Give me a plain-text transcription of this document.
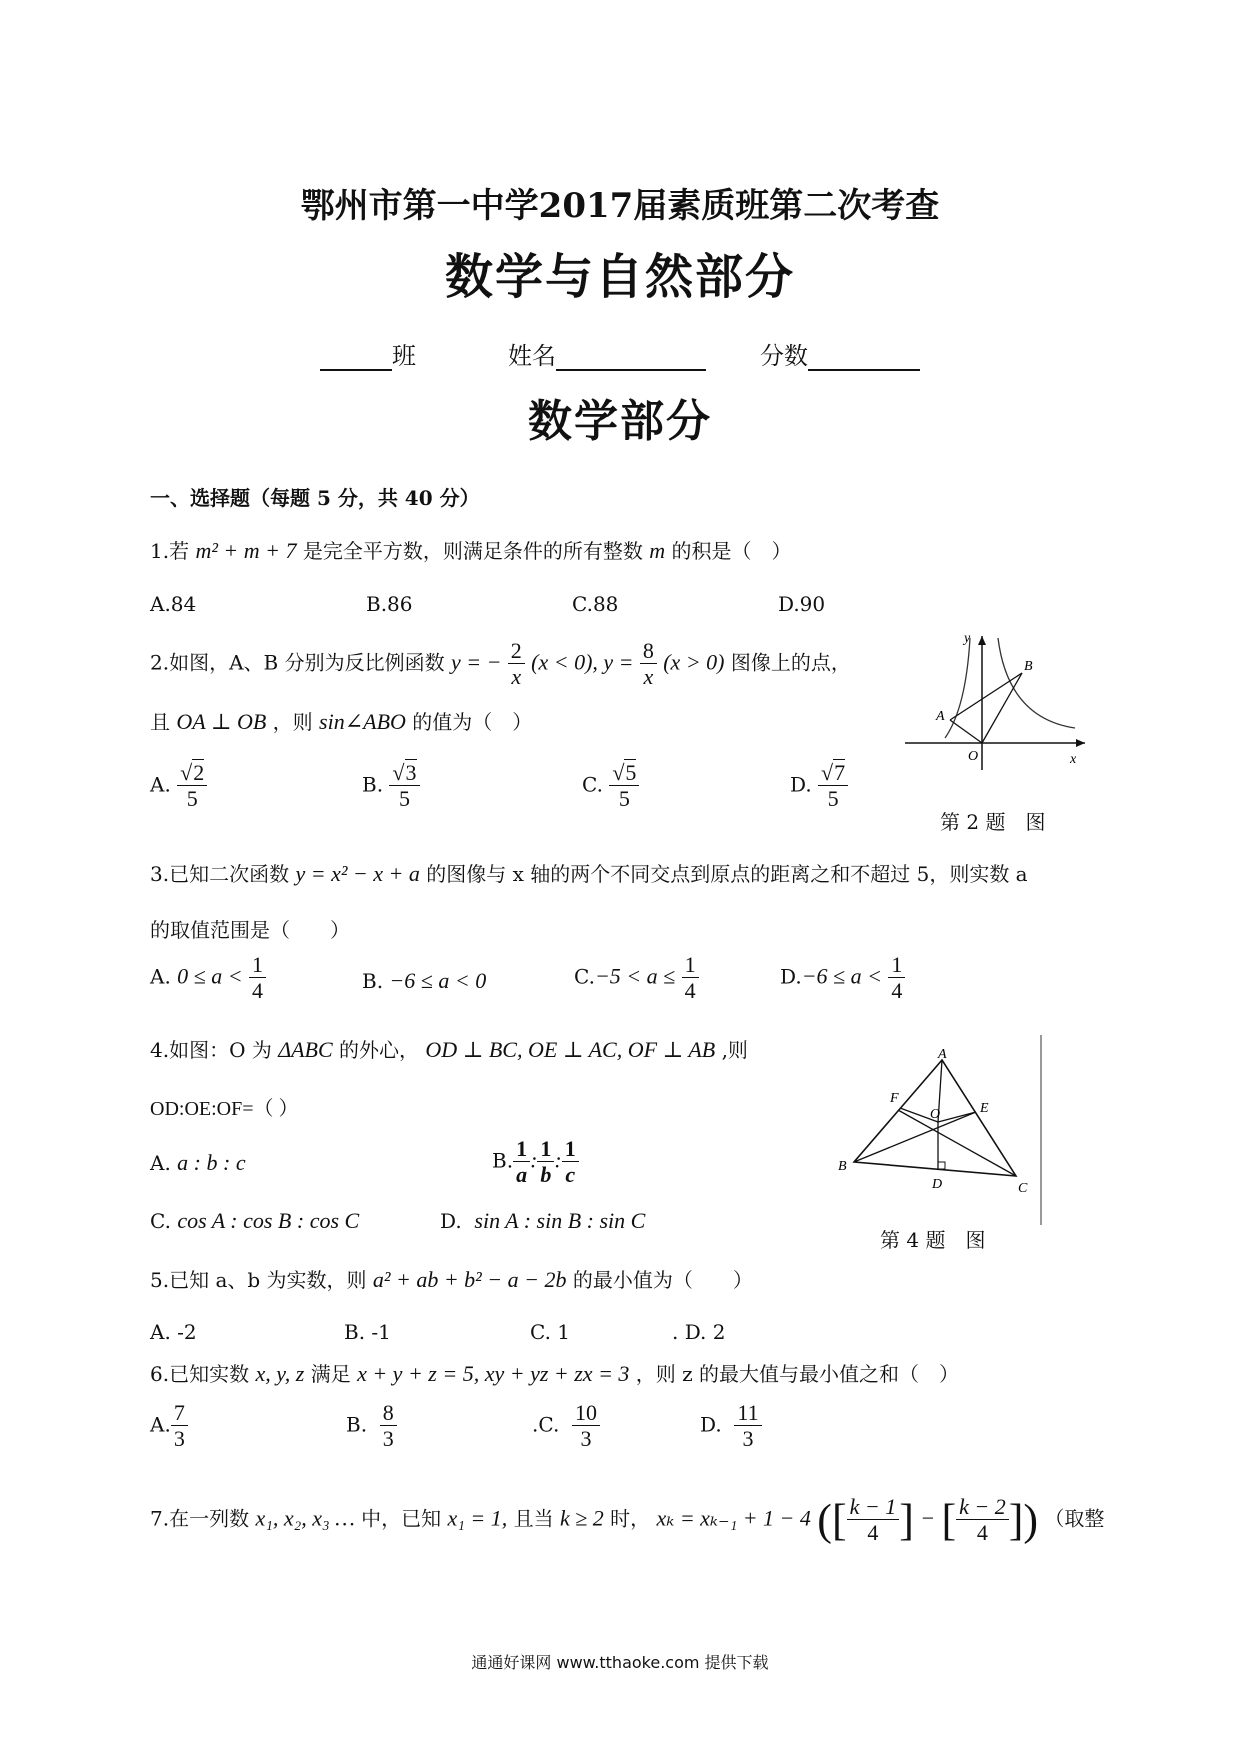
鄂州市第一中学2017届素质班第二次考查
数学与自然部分
班	姓名	分数
数学部分
一、选择题（每题 5 分，共 40 分）
1.若 m² + m + 7 是完全平方数，则满足条件的所有整数 m 的积是（　）
A.84	B.86	C.88	D.90
2.如图，A、B 分别为反比例函数 y = − $\frac{2}{x} (x < 0)$, $y = \frac{8}{x} (x > 0)$ 图像上的点，
且 OA ⊥ OB ，则 sin∠ABO 的值为（　）
A. $\frac{√2}{5}$	B. $\frac{√3}{5}$	C. $\frac{√5}{5}$	D. $\frac{√7}{5}$
y
x
O
A
B
第 2 题　图
3.已知二次函数 y = x² − x + a 的图像与 x 轴的两个不同交点到原点的距离之和不超过 5，则实数 a
的取值范围是（　　）
A. $0 \le a < \frac{1}{4}$	B. −6 ≤ a < 0	$C.-5 < a \le \frac{1}{4}$	$D.-6 \le a < \frac{1}{4}$
4.如图：O 为 ΔABC 的外心， OD ⊥ BC, OE ⊥ AC, OF ⊥ AB ,则
OD:OE:OF=（ ）
A. a : b : c	B. $\frac{1}{a}$ : $\frac{1}{b}$ : $\frac{1}{c}$
C. cos A : cos B : cos C	D. sin A : sin B : sin C
A
B
C
D
E
F
O
第 4 题　图
5.已知 a、b 为实数，则 a² + ab + b² − a − 2b 的最小值为（　　）
A. -2	B. -1	C. 1	. D. 2
6.已知实数 x, y, z 满足 x + y + z = 5, xy + yz + zx = 3 ，则 z 的最大值与最小值之和（　）
A. $\frac{7}{3}$	B. $\frac{8}{3}$	.C. $\frac{10}{3}$	D. $\frac{11}{3}$
7.在一列数 x₁, x₂, x₃ … 中，已知 x₁ = 1, 且当 k ≥ 2 时， xₖ = xₖ₋₁ + 1 − 4 ([ $\frac{k - 1}{4}$ ] − [ $\frac{k - 2}{4}$ ]) （取整
通通好课网 www.tthaoke.com 提供下载
